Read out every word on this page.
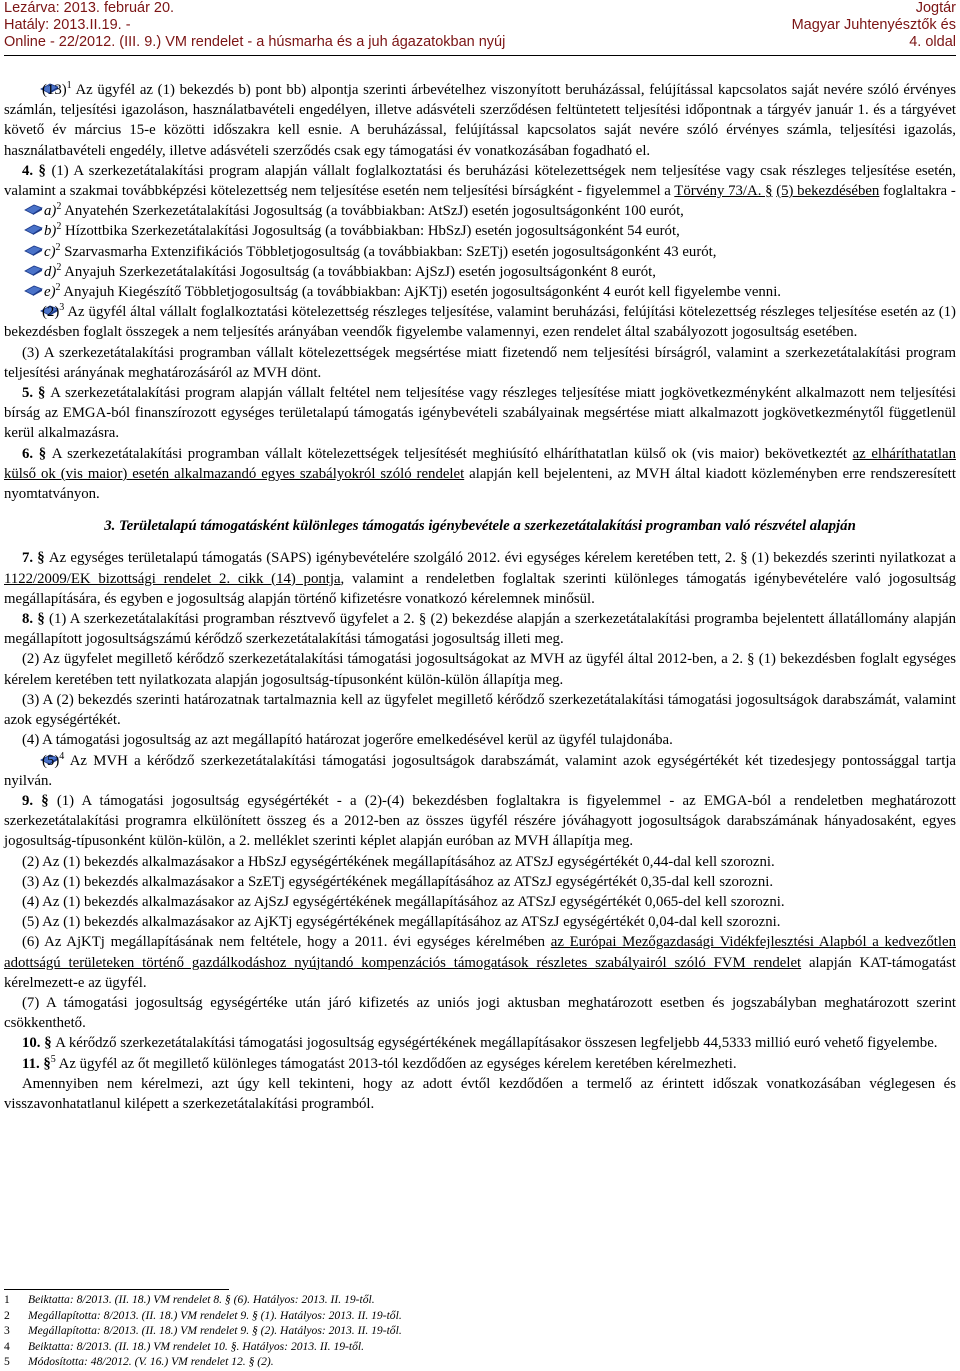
Lezárva: 2013. február 20.
Hatály: 2013.II.19. -
Online - 22/2012. (III. 9.) VM rendelet - a húsmarha és a juh ágazatokban nyúj
Jogtár
Magyar Juhtenyésztők és
4. oldal

$(13)^1$ Az ügyfél az (1) bekezdés b) pont bb) alpontja szerinti árbevételhez viszonyított beruházással, felújítással kapcsolatos saját nevére szóló érvényes számlán, teljesítési igazoláson, használatbavételi engedélyen, illetve adásvételi szerződésen feltüntetett teljesítési időpontnak a tárgyév január 1. és a tárgyévet követő év március 15-e közötti időszakra kell esnie. A beruházással, felújítással kapcsolatos saját nevére szóló érvényes számla, teljesítési igazolás, használatbavételi engedély, illetve adásvételi szerződés csak egy támogatási év vonatkozásában fogadható el.

4. § (1) A szerkezetátalakítási program alapján vállalt foglalkoztatási és beruházási kötelezettségek nem teljesítése vagy csak részleges teljesítése esetén, valamint a szakmai továbbképzési kötelezettség nem teljesítése esetén nem teljesítési bírságként - figyelemmel a Törvény 73/A. § (5) bekezdésében foglaltakra -

a)$^2$ Anyatehén Szerkezetátalakítási Jogosultság (a továbbiakban: AtSzJ) esetén jogosultságonként 100 eurót,

b)$^2$ Hízottbika Szerkezetátalakítási Jogosultság (a továbbiakban: HbSzJ) esetén jogosultságonként 54 eurót,

c)$^2$ Szarvasmarha Extenzifikációs Többletjogosultság (a továbbiakban: SzETj) esetén jogosultságonként 43 eurót,

d)$^2$ Anyajuh Szerkezetátalakítási Jogosultság (a továbbiakban: AjSzJ) esetén jogosultságonként 8 eurót,

e)$^2$ Anyajuh Kiegészítő Többletjogosultság (a továbbiakban: AjKTj) esetén jogosultságonként 4 eurót kell figyelembe venni.

$(2)^3$ Az ügyfél által vállalt foglalkoztatási kötelezettség részleges teljesítése, valamint beruházási, felújítási kötelezettség részleges teljesítése esetén az (1) bekezdésben foglalt összegek a nem teljesítés arányában veendők figyelembe valamennyi, ezen rendelet által szabályozott jogosultság esetében.

(3) A szerkezetátalakítási programban vállalt kötelezettségek megsértése miatt fizetendő nem teljesítési bírságról, valamint a szerkezetátalakítási program teljesítési arányának meghatározásáról az MVH dönt.

5. § A szerkezetátalakítási program alapján vállalt feltétel nem teljesítése vagy részleges teljesítése miatt jogkövetkezményként alkalmazott nem teljesítési bírság az EMGA-ból finanszírozott egységes területalapú támogatás igénybevételi szabályainak megsértése miatt alkalmazott jogkövetkezménytől függetlenül kerül alkalmazásra.

6. § A szerkezetátalakítási programban vállalt kötelezettségek teljesítését meghiúsító elháríthatatlan külső ok (vis maior) bekövetkeztét az elháríthatatlan külső ok (vis maior) esetén alkalmazandó egyes szabályokról szóló rendelet alapján kell bejelenteni, az MVH által kiadott közleményben erre rendszeresített nyomtatványon.

3. Területalapú támogatásként különleges támogatás igénybevétele a szerkezetátalakítási programban való részvétel alapján

7. § Az egységes területalapú támogatás (SAPS) igénybevételére szolgáló 2012. évi egységes kérelem keretében tett, 2. § (1) bekezdés szerinti nyilatkozat a 1122/2009/EK bizottsági rendelet 2. cikk (14) pontja, valamint a rendeletben foglaltak szerinti különleges támogatás igénybevételére való jogosultság megállapítására, és egyben e jogosultság alapján történő kifizetésre vonatkozó kérelemnek minősül.

8. § (1) A szerkezetátalakítási programban résztvevő ügyfelet a 2. § (2) bekezdése alapján a szerkezetátalakítási programba bejelentett állatállomány alapján megállapított jogosultságszámú kérődző szerkezetátalakítási támogatási jogosultság illeti meg.

(2) Az ügyfelet megillető kérődző szerkezetátalakítási támogatási jogosultságokat az MVH az ügyfél által 2012-ben, a 2. § (1) bekezdésben foglalt egységes kérelem keretében tett nyilatkozata alapján jogosultság-típusonként külön-külön állapítja meg.

(3) A (2) bekezdés szerinti határozatnak tartalmaznia kell az ügyfelet megillető kérődző szerkezetátalakítási támogatási jogosultságok darabszámát, valamint azok egységértékét.

(4) A támogatási jogosultság az azt megállapító határozat jogerőre emelkedésével kerül az ügyfél tulajdonába.

$(5)^4$ Az MVH a kérődző szerkezetátalakítási támogatási jogosultságok darabszámát, valamint azok egységértékét két tizedesjegy pontossággal tartja nyilván.

9. § (1) A támogatási jogosultság egységértékét - a (2)-(4) bekezdésben foglaltakra is figyelemmel - az EMGA-ból a rendeletben meghatározott szerkezetátalakítási programra elkülönített összeg és a 2012-ben az összes ügyfél részére jóváhagyott jogosultságok darabszámának hányadosaként, egyes jogosultság-típusonként külön-külön, a 2. melléklet szerinti képlet alapján euróban az MVH állapítja meg.

(2) Az (1) bekezdés alkalmazásakor a HbSzJ egységértékének megállapításához az ATSzJ egységértékét 0,44-dal kell szorozni.

(3) Az (1) bekezdés alkalmazásakor a SzETj egységértékének megállapításához az ATSzJ egységértékét 0,35-dal kell szorozni.

(4) Az (1) bekezdés alkalmazásakor az AjSzJ egységértékének megállapításához az ATSzJ egységértékét 0,065-del kell szorozni.

(5) Az (1) bekezdés alkalmazásakor az AjKTj egységértékének megállapításához az ATSzJ egységértékét 0,04-dal kell szorozni.

(6) Az AjKTj megállapításának nem feltétele, hogy a 2011. évi egységes kérelmében az Európai Mezőgazdasági Vidékfejlesztési Alapból a kedvezőtlen adottságú területeken történő gazdálkodáshoz nyújtandó kompenzációs támogatások részletes szabályairól szóló FVM rendelet alapján KAT-támogatást kérelmezett-e az ügyfél.

(7) A támogatási jogosultság egységértéke után járó kifizetés az uniós jogi aktusban meghatározott esetben és jogszabályban meghatározott szerint csökkenthető.

10. § A kérődző szerkezetátalakítási támogatási jogosultság egységértékének megállapításakor összesen legfeljebb 44,5333 millió euró vehető figyelembe.

11. §$^5$ Az ügyfél az őt megillető különleges támogatást 2013-tól kezdődően az egységes kérelem keretében kérelmezheti.

Amennyiben nem kérelmezi, azt úgy kell tekinteni, hogy az adott évtől kezdődően a termelő az érintett időszak vonatkozásában véglegesen és visszavonhatatlanul kilépett a szerkezetátalakítási programból.

1 Beiktatta: 8/2013. (II. 18.) VM rendelet 8. § (6). Hatályos: 2013. II. 19-től.
2 Megállapította: 8/2013. (II. 18.) VM rendelet 9. § (1). Hatályos: 2013. II. 19-től.
3 Megállapította: 8/2013. (II. 18.) VM rendelet 9. § (2). Hatályos: 2013. II. 19-től.
4 Beiktatta: 8/2013. (II. 18.) VM rendelet 10. §. Hatályos: 2013. II. 19-től.
5 Módosította: 48/2012. (V. 16.) VM rendelet 12. § (2).
